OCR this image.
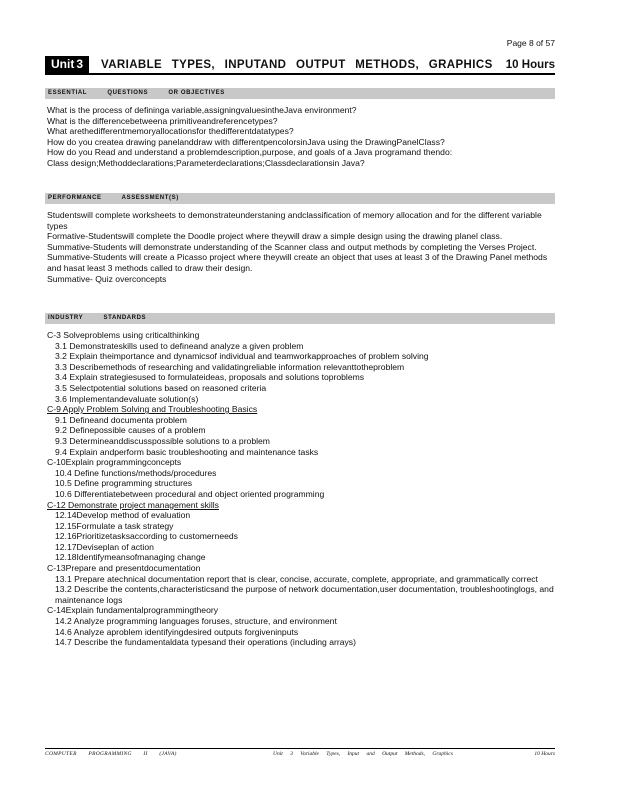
Page 8 of 57
Unit 3 VARIABLE TYPES, INPUTAND OUTPUT METHODS, GRAPHICS	10 Hours
ESSENTIAL	QUESTIONS	OR OBJECTIVES
What is the process of defininga variable,assigningvaluesintheJava environment?
What is the differencebetweena primitiveandreferencetypes?
What arethedifferentmemoryallocationsfor thedifferentdatatypes?
How do you createa drawing panelanddraw with differentpencolorsinJava using the DrawingPanelClass?
How do you Read and understand a problemdescription,purpose, and goals of a Java programand thendo:
Class design;Methoddeclarations;Parameterdeclarations;Classdeclarationsin Java?
PERFORMANCE	ASSESSMENT(S)
Studentswill complete worksheets to demonstrateunderstaning andclassification of memory allocation and for the different variable types
Formative-Studentswill complete the Doodle project where theywill draw a simple design using the drawing planel class.
Summative-Students will demonstrate understanding of the Scanner class and output methods by completing the Verses Project.
Summative-Students will create a Picasso project where theywill create an object that uses at least 3 of the Drawing Panel methods and hasat least 3 methods called to draw their design.
Summative- Quiz overconcepts
INDUSTRY	STANDARDS
C-3 Solveproblems using criticalthinking
3.1 Demonstrateskills used to defineand analyze a given problem
3.2 Explain theimportance and dynamicsof individual and teamworkapproaches of problem solving
3.3 Describemethods of researching and validatingreliable information relevanttotheproblem
3.4 Explain strategiesused to formulateideas, proposals and solutions toproblems
3.5 Selectpotential solutions based on reasoned criteria
3.6 Implementandevaluate solution(s)
C-9 Apply Problem Solving and Troubleshooting Basics
9.1 Defineand documenta problem
9.2 Definepossible causes of a problem
9.3 Determineanddiscusspossible solutions to a problem
9.4 Explain andperform basic troubleshooting and maintenance tasks
C-10Explain programmingconcepts
10.4 Define functions/methods/procedures
10.5 Define programming structures
10.6 Differentiatebetween procedural and object oriented programming
C-12 Demonstrate project management skills
12.14Develop method of evaluation
12.15Formulate a task strategy
12.16Prioritizetasksaccording to customerneeds
12.17Deviseplan of action
12.18Identifymeansofmanaging change
C-13Prepare and presentdocumentation
13.1 Prepare atechnical documentation report that is clear, concise, accurate, complete, appropriate, and grammatically correct
13.2 Describe the contents,characteristicsand the purpose of network documentation,user documentation, troubleshootinglogs, and maintenance logs
C-14Explain fundamentalprogrammingtheory
14.2 Analyze programming languages foruses, structure, and environment
14.6 Analyze aproblem identifyingdesired outputs forgiveninputs
14.7 Describe the fundamentaldata typesand their operations (including arrays)
COMPUTER PROGRAMMING II (JAVA)	Unit 3 Variable Types, Input and Output Methods, Graphics	10 Hours
